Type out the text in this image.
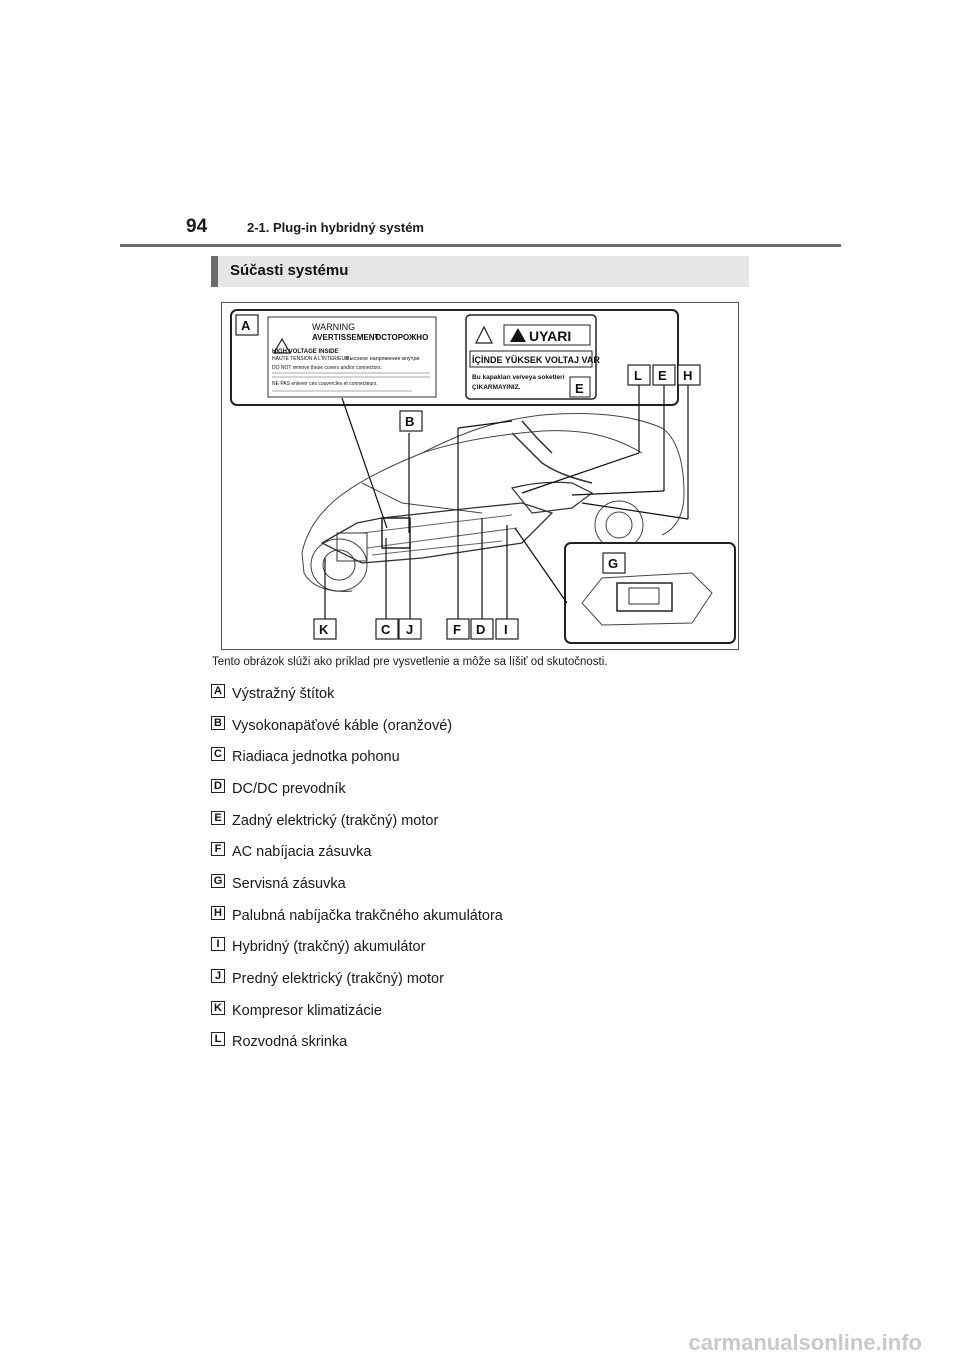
94	2-1. Plug-in hybridný systém
Súčasti systému
WARNING
AVERTISSEMENT
ОСТОРОЖНО
HIGH VOLTAGE INSIDE
HAUTE TENSION A L'INTERIEUR
Высокое напряжение внутри
DO NOT remove these covers and/or connectors.
NE PAS enlever ces couvercles et connecteurs.
A
UYARI
İÇİNDE YÜKSEK VOLTAJ VAR
Bu kapakları ve/veya soketleri
ÇIKARMAYINIZ.	E
G
B
L E H
K	C J	F D I
Tento obrázok slúži ako príklad pre vysvetlenie a môže sa líšiť od skutočnosti.
A Výstražný štítok
B Vysokonapäťové káble (oranžové)
C Riadiaca jednotka pohonu
D DC/DC prevodník
E Zadný elektrický (trakčný) motor
F AC nabíjacia zásuvka
G Servisná zásuvka
H Palubná nabíjačka trakčného akumulátora
I Hybridný (trakčný) akumulátor
J Predný elektrický (trakčný) motor
K Kompresor klimatizácie
L Rozvodná skrinka
carmanualsonline.info
